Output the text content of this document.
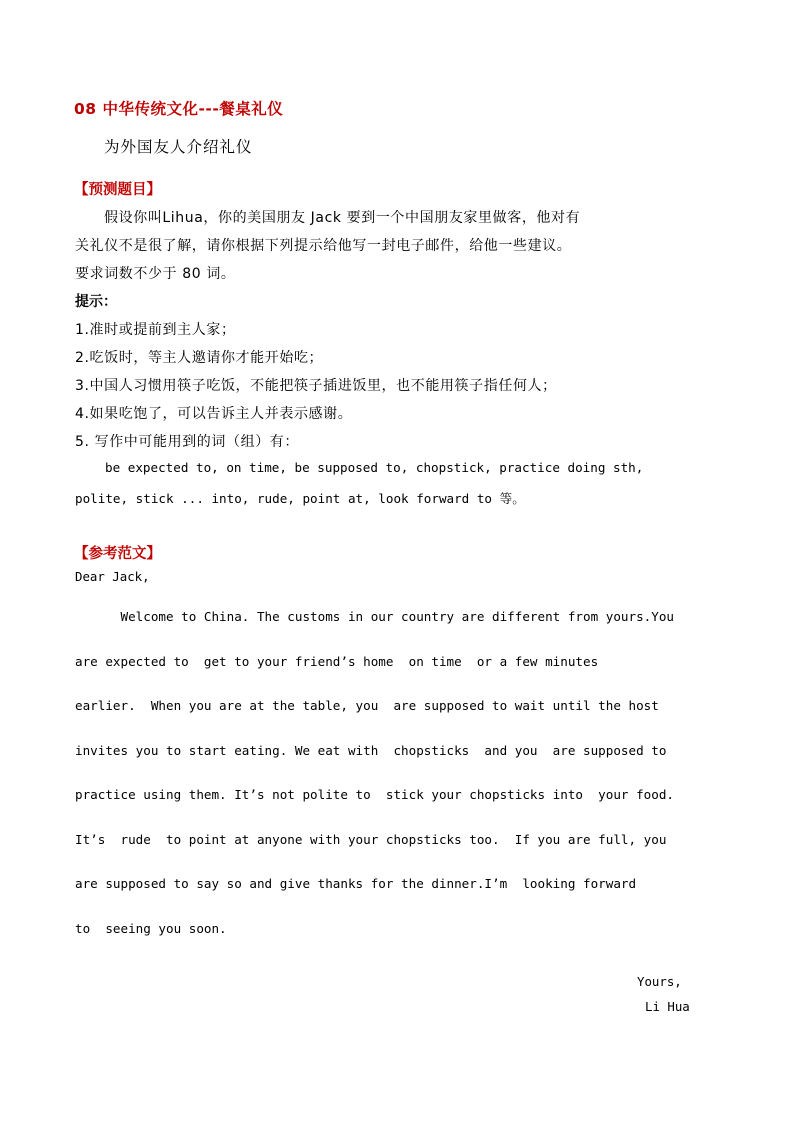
08 中华传统文化---餐桌礼仪
为外国友人介绍礼仪
【预测题目】
假设你叫Lihua，你的美国朋友 Jack 要到一个中国朋友家里做客，他对有
关礼仪不是很了解，请你根据下列提示给他写一封电子邮件，给他一些建议。
要求词数不少于 80 词。
提示：
1.准时或提前到主人家；
2.吃饭时，等主人邀请你才能开始吃；
3.中国人习惯用筷子吃饭，不能把筷子插进饭里，也不能用筷子指任何人；
4.如果吃饱了，可以告诉主人并表示感谢。
5. 写作中可能用到的词（组）有：
be expected to, on time, be supposed to, chopstick, practice doing sth,
polite, stick ... into, rude, point at, look forward to 等。
【参考范文】
Dear Jack,
Welcome to China. The customs in our country are different from yours.You
are expected to  get to your friend’s home  on time  or a few minutes
earlier.  When you are at the table, you  are supposed to wait until the host
invites you to start eating. We eat with  chopsticks  and you  are supposed to
practice using them. It’s not polite to  stick your chopsticks into  your food.
It’s  rude  to point at anyone with your chopsticks too.  If you are full, you
are supposed to say so and give thanks for the dinner.I’m  looking forward
to  seeing you soon.
Yours,
Li Hua
